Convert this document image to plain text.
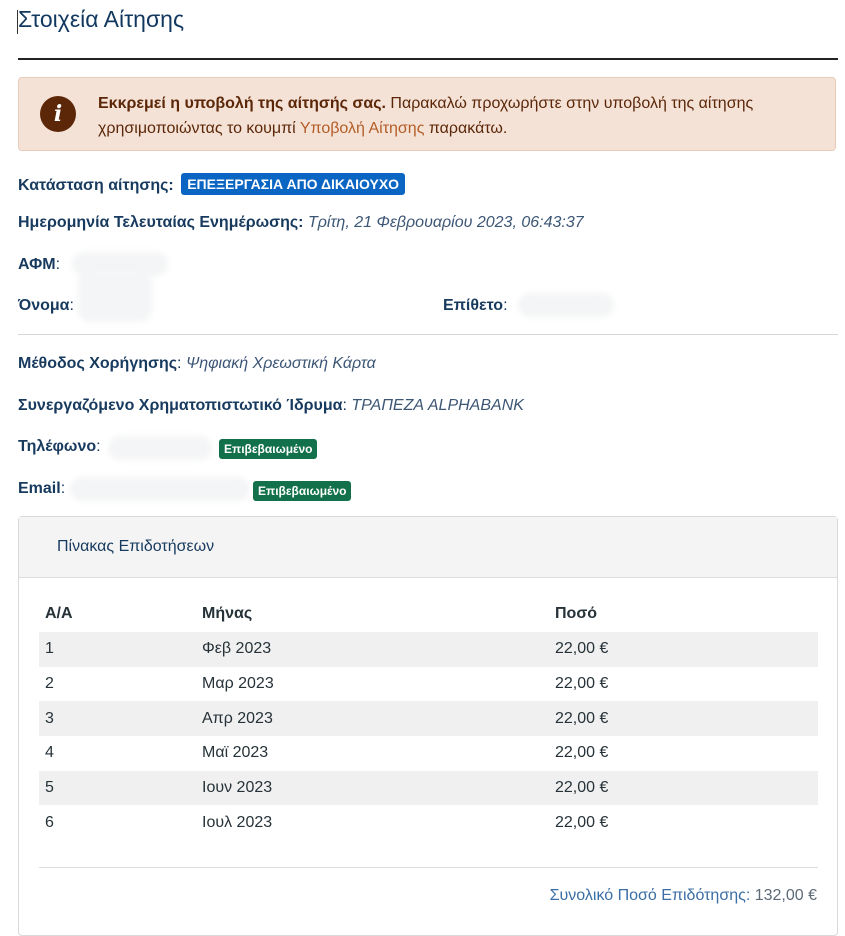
Στοιχεία Αίτησης
i	Εκκρεμεί η υποβολή της αίτησής σας. Παρακαλώ προχωρήστε στην υποβολή της αίτησης χρησιμοποιώντας το κουμπί Υποβολή Αίτησης παρακάτω.
Κατάσταση αίτησης: ΕΠΕΞΕΡΓΑΣΙΑ ΑΠΟ ΔΙΚΑΙΟΥΧΟ
Ημερομηνία Τελευταίας Ενημέρωσης: Τρίτη, 21 Φεβρουαρίου 2023, 06:43:37
ΑΦΜ:
Όνομα:	Επίθετο:
Μέθοδος Χορήγησης: Ψηφιακή Χρεωστική Κάρτα
Συνεργαζόμενο Χρηματοπιστωτικό Ίδρυμα: ΤΡΑΠΕΖΑ ALPHABANK
Τηλέφωνο:	Επιβεβαιωμένο
Email:	Επιβεβαιωμένο
Πίνακας Επιδοτήσεων
Α/Α	Μήνας	Ποσό
1	Φεβ 2023	22,00 €
2	Μαρ 2023	22,00 €
3	Απρ 2023	22,00 €
4	Μαϊ 2023	22,00 €
5	Ιουν 2023	22,00 €
6	Ιουλ 2023	22,00 €
Συνολικό Ποσό Επιδότησης: 132,00 €
